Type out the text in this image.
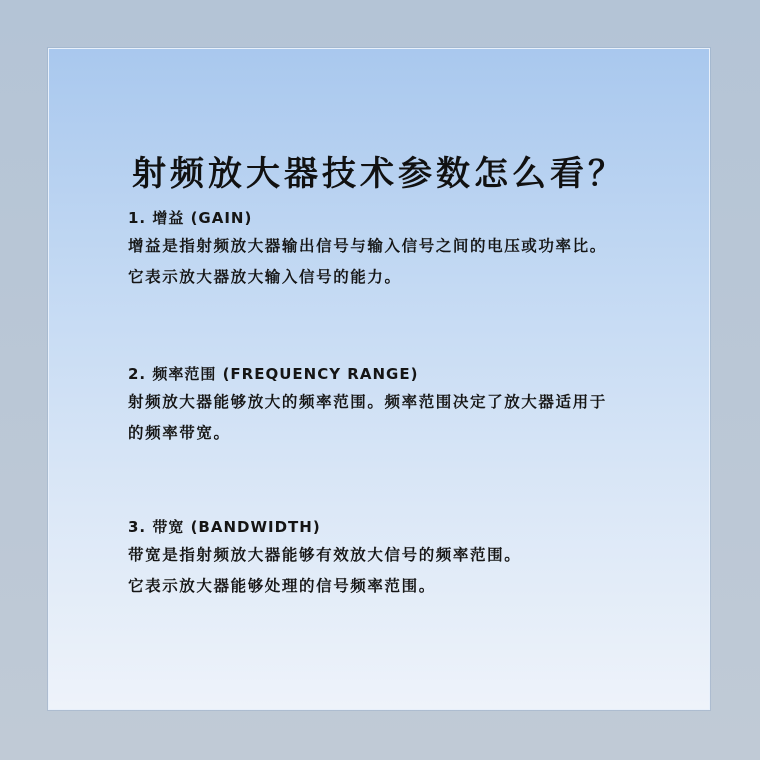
射频放大器技术参数怎么看？
1. 增益 (GAIN)
增益是指射频放大器输出信号与输入信号之间的电压或功率比。
它表示放大器放大输入信号的能力。
2. 频率范围 (FREQUENCY RANGE)
射频放大器能够放大的频率范围。频率范围决定了放大器适用于
的频率带宽。
3. 带宽 (BANDWIDTH)
带宽是指射频放大器能够有效放大信号的频率范围。
它表示放大器能够处理的信号频率范围。
